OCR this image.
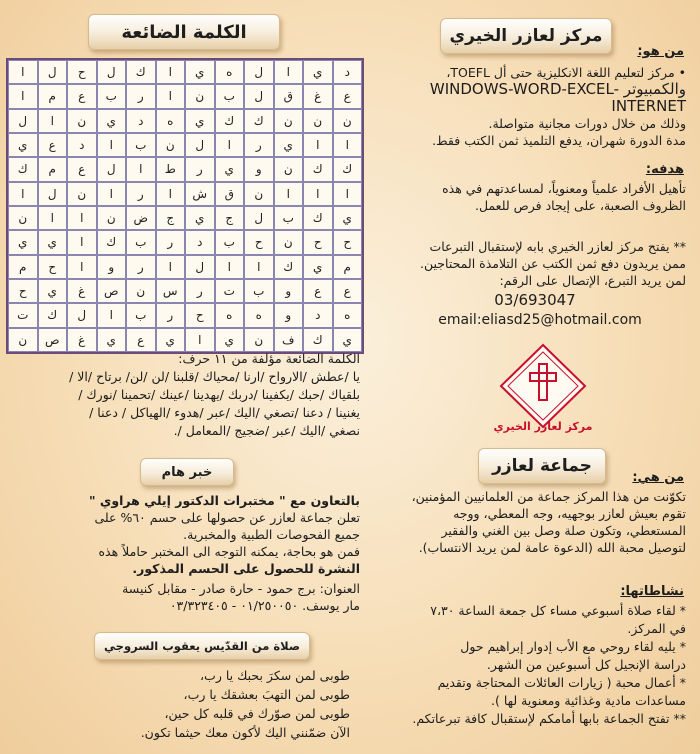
مركز لعازر الخيري
من هو:
• مركز لتعليم اللغة الانكليزية حتى أل TOEFL،
والكمبيوتر WINDOWS-WORD-EXCEL-INTERNET
وذلك من خلال دورات مجانية متواصلة.
مدة الدورة شهران، يدفع التلميذ ثمن الكتب فقط.
هدفه:
تأهيل الأفراد علمياً ومعنوياً، لمساعدتهم في هذه
الظروف الصعبة، على إيجاد فرص للعمل.
** يفتح مركز لعازر الخيري بابه لإستقبال التبرعات
ممن يريدون دفع ثمن الكتب عن التلامذة المحتاجين.
لمن يريد التبرع، الإتصال على الرقم:
03/693047
email:eliasd25@hotmail.com
مركز لعازر الخيري
جماعة لعازر
من هي:
تكوّنت من هذا المركز جماعة من العلمانيين المؤمنين،
تقوم بعيش لعازر بوجهيه، وجه المعطي، ووجه
المستعطي، وتكون صلة وصل بين الغني والفقير
لتوصيل محبة الله (الدعوة عامة لمن يريد الانتساب).
نشاطاتها:
* لقاء صلاة أسبوعي مساء كل جمعة الساعة ٧،٣٠
في المركز.
* يليه لقاء روحي مع الأب إدوار إبراهيم حول
دراسة الإنجيل كل أسبوعين من الشهر.
* أعمال محبة ( زيارات العائلات المحتاجة وتقديم
مساعدات مادية وغذائية ومعنوية لها ).
** تفتح الجماعة بابها أمامكم لإستقبال كافة تبرعاتكم.
الكلمة الضائعة
ا	ل	ح	ل	ك	ا	ي	ه	ل	ا	ي	د
ا	م	ع	ب	ر	ا	ن	ب	ل	ق	غ	ع
ل	ا	ن	ي	د	ه	ي	ك	ك	ن	ن	ن
ي	ع	د	ا	ب	ن	ل	ا	ر	ي	ا	ا
ك	م	ع	ل	ا	ط	ر	ي	و	ن	ك	ك
ا	ل	ن	ا	ر	ا	ش	ق	ن	ا	ا	ا
ن	ا	ا	ن	ض	ج	ي	ج	ل	ب	ك	ي
ي	ي	ا	ك	ب	ر	د	ب	ح	ن	ح	ح
م	ح	ا	و	ر	ا	ل	ا	ا	ك	ي	م
ح	ي	غ	ص	ن	س	ر	ت	ب	و	ع	ع
ت	ك	ل	ا	ب	ر	ح	ه	ه	و	د	ه
ن	ص	غ	ي	ع	ي	ا	ي	ن	ف	ك	ي
الكلمة الضائعة مؤلفة من ١١ حرف:
يا /عطش /الارواح /ارنا /محياك /قلبنا /لن /لن/ برتاح /الا /
بلقياك /حبك /يكفينا /دربك /يهدينا /عينك /تحمينا /نورك /
يغنينا / دعنا /تصغي /اليك /عبر /هدوء /الهياكل / دعنا /
نصغي /اليك /عبر /ضجيج /المعامل /.
خبر هام
بالتعاون مع " مختبرات الدكتور إيلي هراوي "
تعلن جماعة لعازر عن حصولها على حسم ٦٠% على
جميع الفحوصات الطبية والمخبرية.
فمن هو بحاجة، يمكنه التوجه الى المختبر حاملاً هذه
النشرة للحصول على الحسم المذكور.
العنوان: برج حمود - حارة صادر - مقابل كنيسة
مار يوسف. ٠١/٢٥٠٠٥٠ - ٠٣/٣٢٣٤٠٥
صلاة من القدّيس يعقوب السروجي
طوبى لمن سكرَ بحبك يا رب،
طوبى لمن التهبَ بعشقك يا رب،
طوبى لمن صوّرك في قلبه كل حين،
الآن ضمّنني اليك لأكون معك حيثما تكون.
